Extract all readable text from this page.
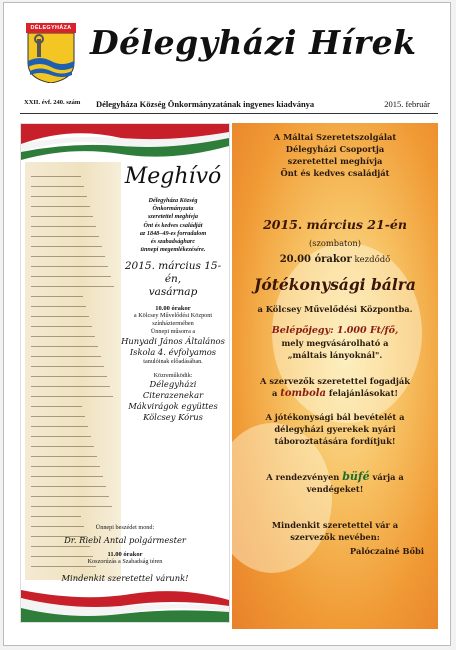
DÉLEGYHÁZA Délegyházi Hírek
XXII. évf. 240. szám Délegyháza Község Önkormányzatának ingyenes kiadványa	2015. február
Meghívó
Délegyháza Község
Önkormányzata
szeretettel meghívja
Önt és kedves családját
az 1848–49-es forradalom
és szabadságharc
ünnepi megemlékezésére.
2015. március 15-én,
vasárnap
10.00 órakor
a Kölcsey Művelődési Központ
színháztermében
Ünnepi műsorra a
Hunyadi János Általános
Iskola 4. évfolyamos
tanulóinak előadásában.
Közreműködik:
Délegyházi
Citerazenekar
Mákvirágok együttes
Kölcsey Kórus
Ünnepi beszédet mond:
Dr. Riebl Antal polgármester
11.00 órakor
Koszorúzás a Szabadság téren
Mindenkit szeretettel várunk!
A Máltai Szeretetszolgálat
Délegyházi Csoportja
szeretettel meghívja
Önt és kedves családját
2015. március 21-én
(szombaton)
20.00 órakor kezdődő
Jótékonysági bálra
a Kölcsey Művelődési Központba.
Belépőjegy: 1.000 Ft/fő,
mely megvásárolható a
„máltais lányoknál".
A szervezők szeretettel fogadják
a tombola felajánlásokat!
A jótékonysági bál bevételét a
délegyházi gyerekek nyári
táboroztatására fordítjuk!
A rendezvényen büfé várja a
vendégeket!
Mindenkit szeretettel vár a
szervezők nevében:
Palóczainé Bőbi
